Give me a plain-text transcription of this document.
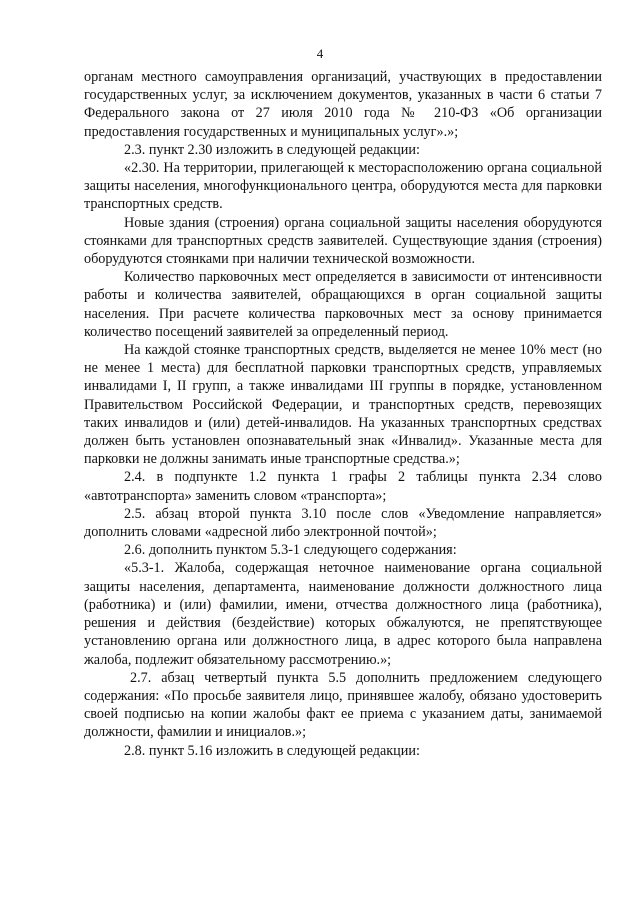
4

органам местного самоуправления организаций, участвующих в предоставлении государственных услуг, за исключением документов, указанных в части 6 статьи 7 Федерального закона от 27 июля 2010 года № 210-ФЗ «Об организации предоставления государственных и муниципальных услуг».»;

2.3. пункт 2.30 изложить в следующей редакции:

«2.30. На территории, прилегающей к месторасположению органа социальной защиты населения, многофункционального центра, оборудуются места для парковки транспортных средств.

Новые здания (строения) органа социальной защиты населения оборудуются стоянками для транспортных средств заявителей. Существующие здания (строения) оборудуются стоянками при наличии технической возможности.

Количество парковочных мест определяется в зависимости от интенсивности работы и количества заявителей, обращающихся в орган социальной защиты населения. При расчете количества парковочных мест за основу принимается количество посещений заявителей за определенный период.

На каждой стоянке транспортных средств, выделяется не менее 10% мест (но не менее 1 места) для бесплатной парковки транспортных средств, управляемых инвалидами I, II групп, а также инвалидами III группы в порядке, установленном Правительством Российской Федерации, и транспортных средств, перевозящих таких инвалидов и (или) детей-инвалидов. На указанных транспортных средствах должен быть установлен опознавательный знак «Инвалид». Указанные места для парковки не должны занимать иные транспортные средства.»;

2.4. в подпункте 1.2 пункта 1 графы 2 таблицы пункта 2.34 слово «автотранспорта» заменить словом «транспорта»;

2.5. абзац второй пункта 3.10 после слов «Уведомление направляется» дополнить словами «адресной либо электронной почтой»;

2.6. дополнить пунктом 5.3-1 следующего содержания:

«5.3-1. Жалоба, содержащая неточное наименование органа социальной защиты населения, департамента, наименование должности должностного лица (работника) и (или) фамилии, имени, отчества должностного лица (работника), решения и действия (бездействие) которых обжалуются, не препятствующее установлению органа или должностного лица, в адрес которого была направлена жалоба, подлежит обязательному рассмотрению.»;

2.7. абзац четвертый пункта 5.5 дополнить предложением следующего содержания: «По просьбе заявителя лицо, принявшее жалобу, обязано удостоверить своей подписью на копии жалобы факт ее приема с указанием даты, занимаемой должности, фамилии и инициалов.»;

2.8. пункт 5.16 изложить в следующей редакции:
